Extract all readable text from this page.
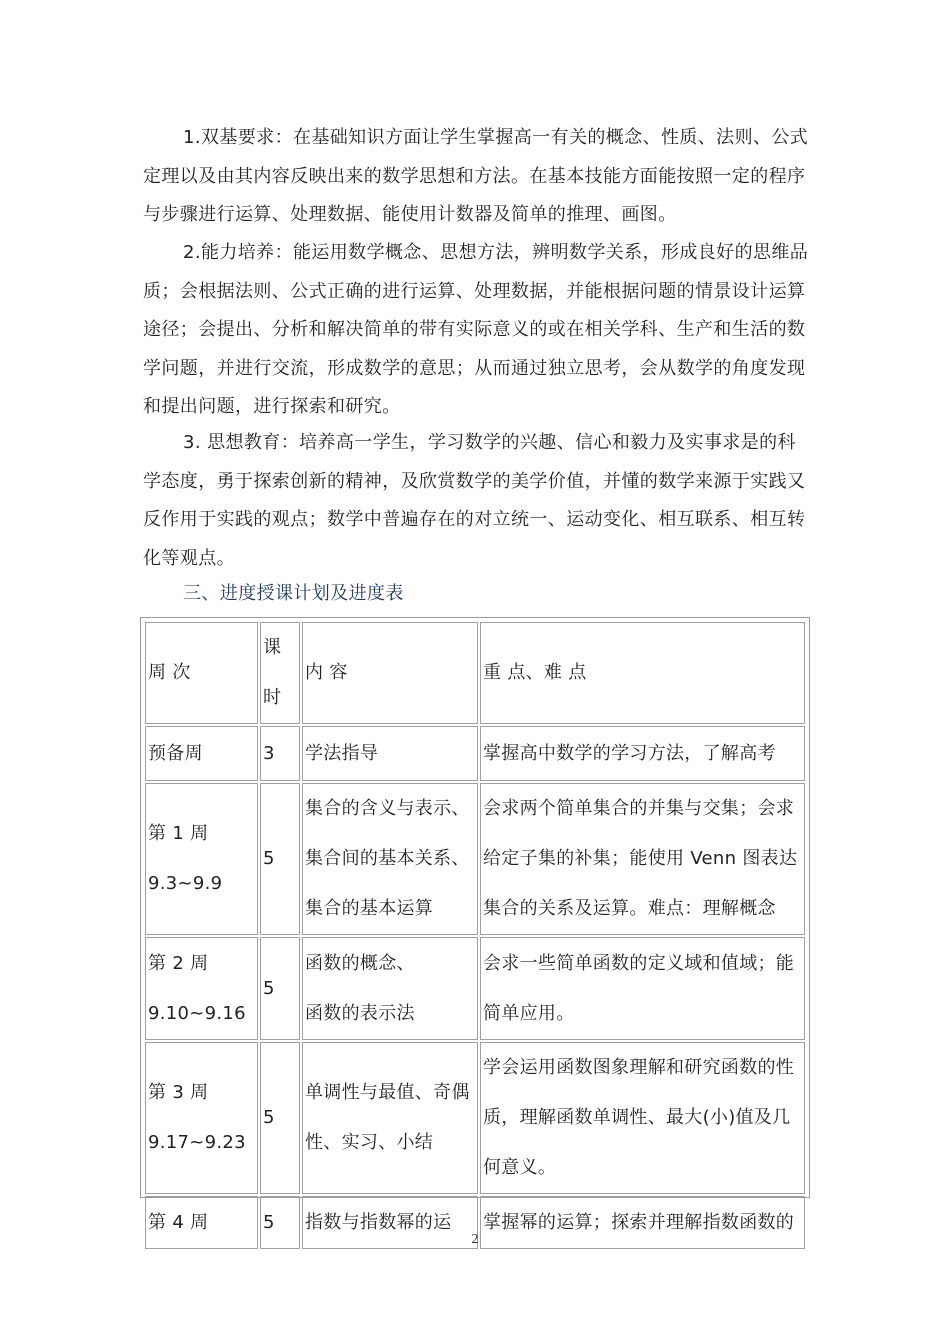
1.双基要求：在基础知识方面让学生掌握高一有关的概念、性质、法则、公式定理以及由其内容反映出来的数学思想和方法。在基本技能方面能按照一定的程序与步骤进行运算、处理数据、能使用计数器及简单的推理、画图。

2.能力培养：能运用数学概念、思想方法，辨明数学关系，形成良好的思维品质；会根据法则、公式正确的进行运算、处理数据，并能根据问题的情景设计运算途径；会提出、分析和解决简单的带有实际意义的或在相关学科、生产和生活的数学问题，并进行交流，形成数学的意思；从而通过独立思考，会从数学的角度发现和提出问题，进行探索和研究。

3. 思想教育：培养高一学生，学习数学的兴趣、信心和毅力及实事求是的科学态度，勇于探索创新的精神，及欣赏数学的美学价值，并懂的数学来源于实践又反作用于实践的观点；数学中普遍存在的对立统一、运动变化、相互联系、相互转化等观点。

三、进度授课计划及进度表
周 次	课时	内 容	重 点、难 点

预备周	3	学法指导	掌握高中数学的学习方法，了解高考

第 1 周
9.3~9.9	5	集合的含义与表示、
集合间的基本关系、
集合的基本运算	会求两个简单集合的并集与交集；会求给定子集的补集；能使用 Venn 图表达集合的关系及运算。难点：理解概念

第 2 周
9.10~9.16	5	函数的概念、
函数的表示法	会求一些简单函数的定义域和值域；能简单应用。

第 3 周
9.17~9.23	5	单调性与最值、奇偶
性、实习、小结	学会运用函数图象理解和研究函数的性质，理解函数单调性、最大(小)值及几何意义。

第 4 周	5	指数与指数幂的运	掌握幂的运算；探索并理解指数函数的
2
